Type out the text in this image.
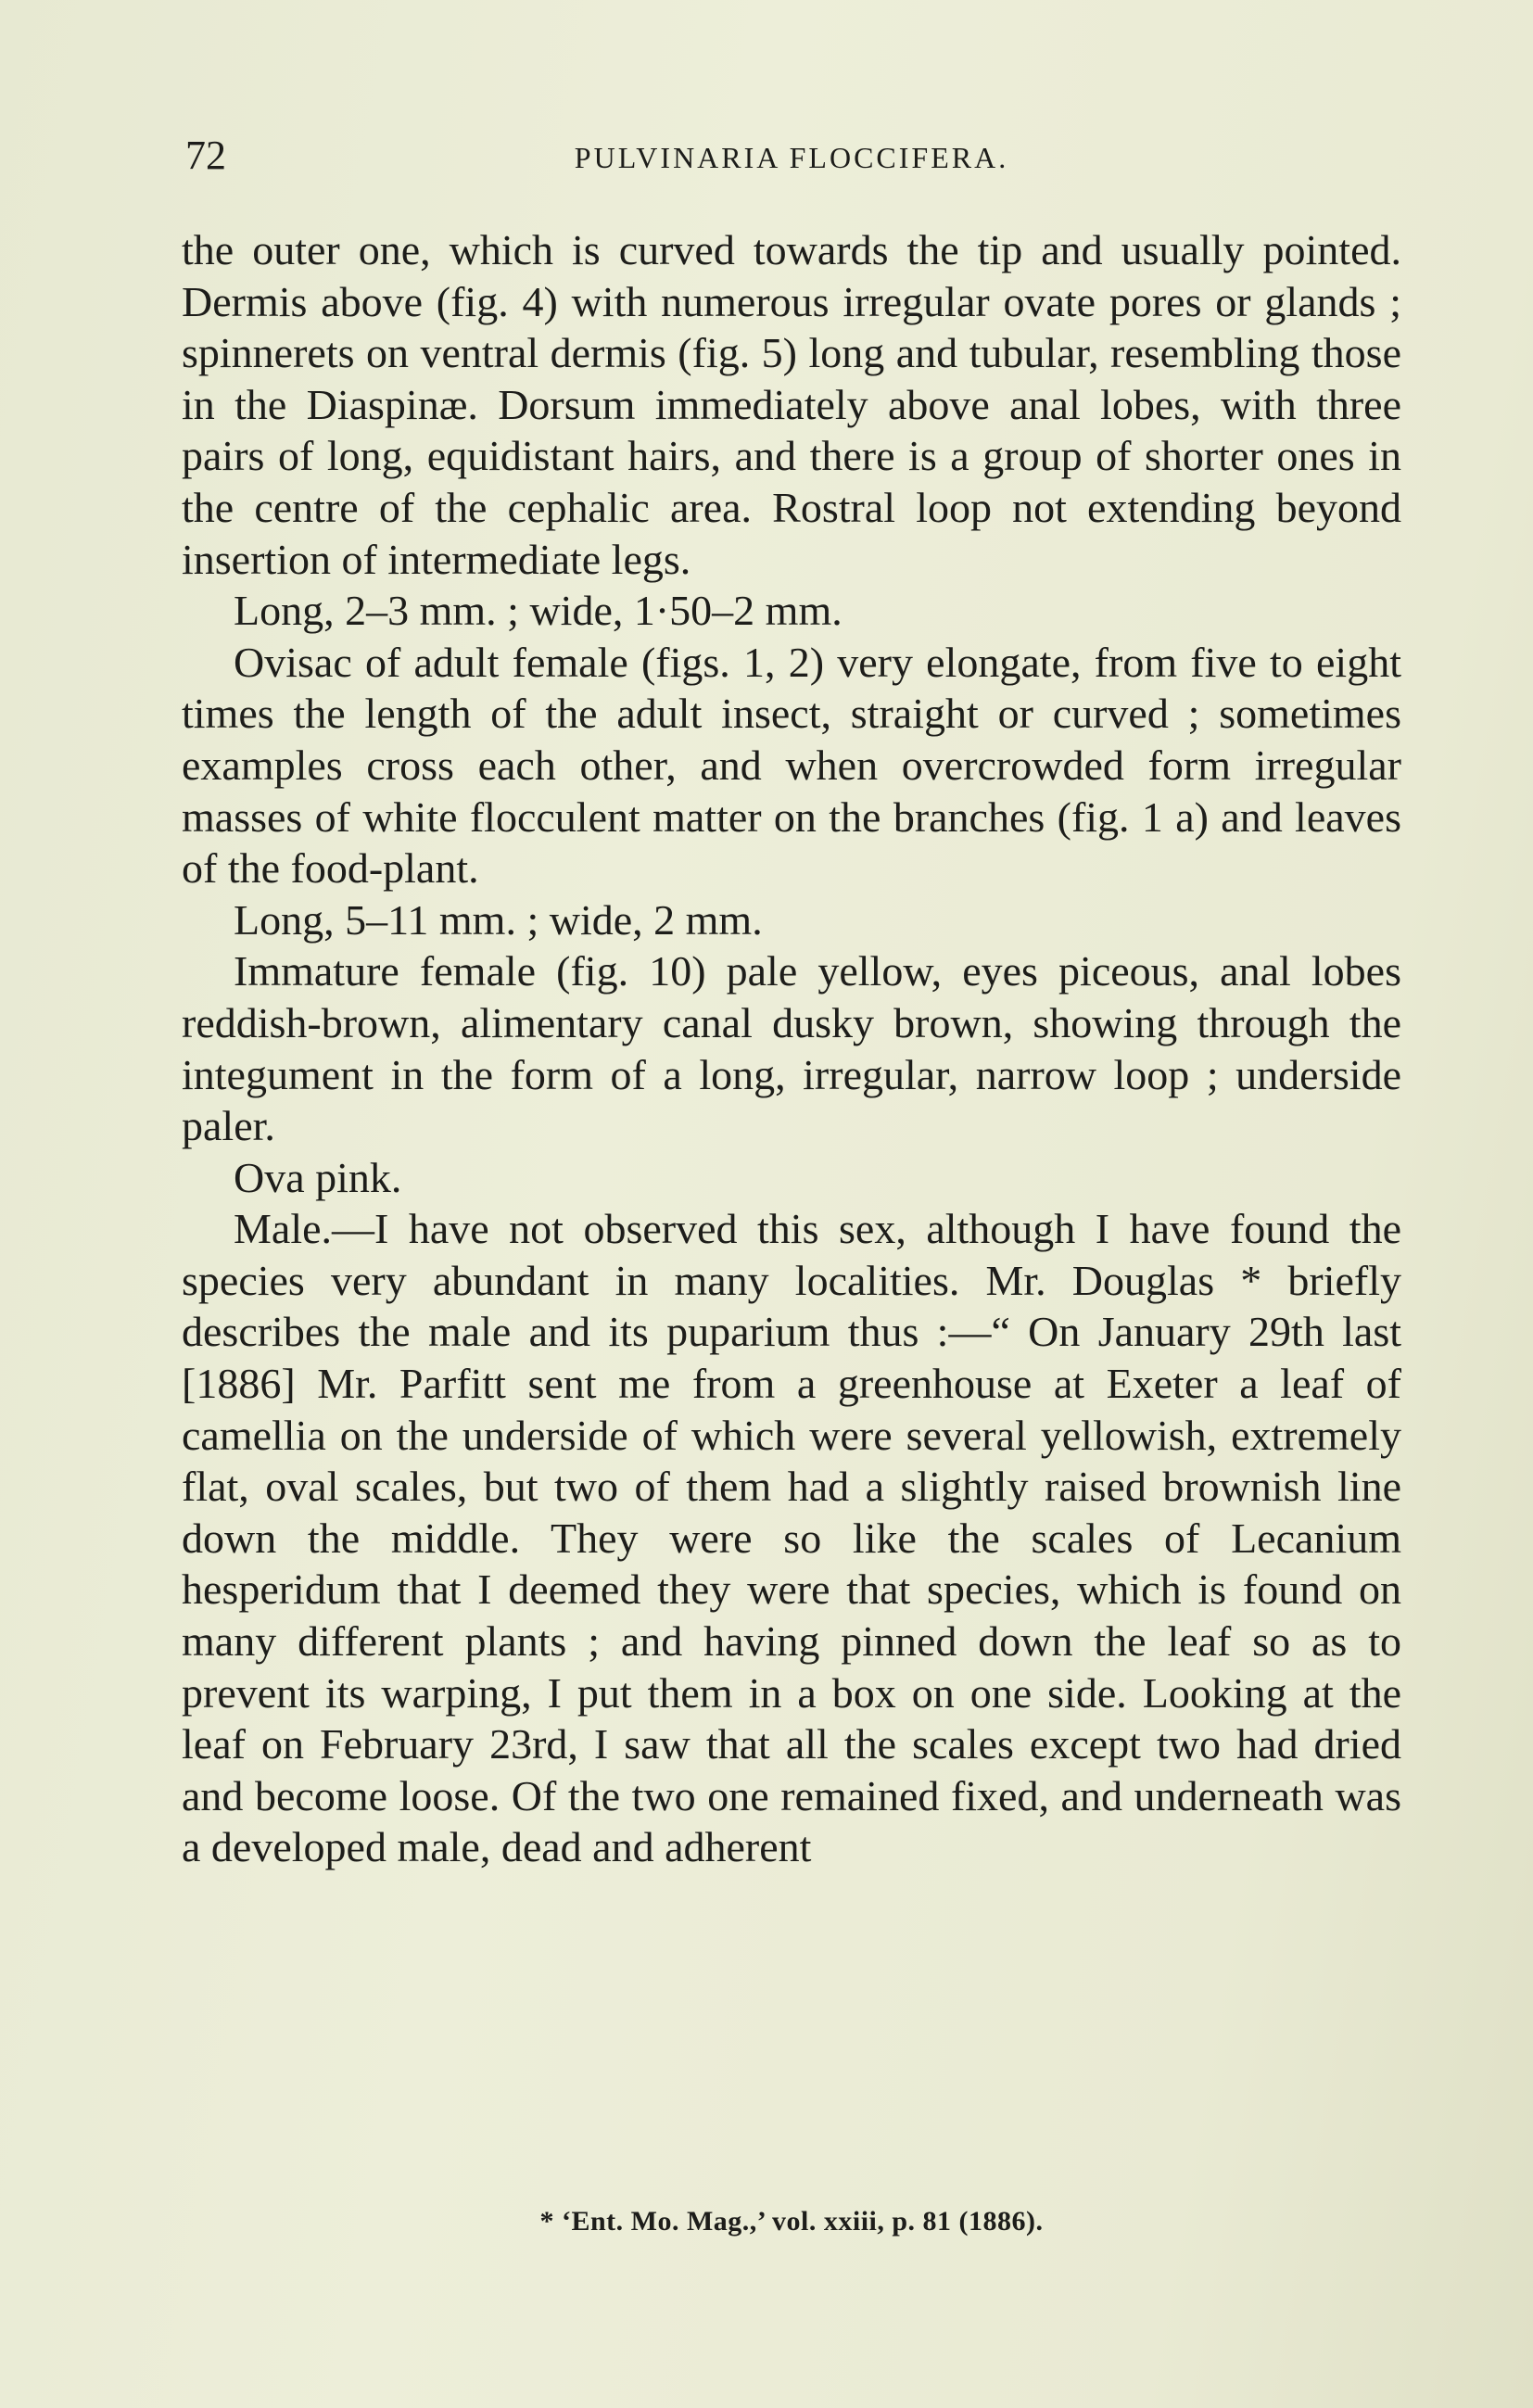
72	PULVINARIA FLOCCIFERA.

the outer one, which is curved towards the tip and usually pointed. Dermis above (fig. 4) with numerous irregular ovate pores or glands ; spinnerets on ventral dermis (fig. 5) long and tubular, resembling those in the Diaspinæ. Dorsum immediately above anal lobes, with three pairs of long, equidistant hairs, and there is a group of shorter ones in the centre of the cephalic area. Rostral loop not extending beyond insertion of intermediate legs.

Long, 2–3 mm. ; wide, 1·50–2 mm.

Ovisac of adult female (figs. 1, 2) very elongate, from five to eight times the length of the adult insect, straight or curved ; sometimes examples cross each other, and when overcrowded form irregular masses of white flocculent matter on the branches (fig. 1 a) and leaves of the food-plant.

Long, 5–11 mm. ; wide, 2 mm.

Immature female (fig. 10) pale yellow, eyes piceous, anal lobes reddish-brown, alimentary canal dusky brown, showing through the integument in the form of a long, irregular, narrow loop ; underside paler.

Ova pink.

Male.—I have not observed this sex, although I have found the species very abundant in many localities. Mr. Douglas * briefly describes the male and its puparium thus :—“ On January 29th last [1886] Mr. Parfitt sent me from a greenhouse at Exeter a leaf of camellia on the underside of which were several yellowish, extremely flat, oval scales, but two of them had a slightly raised brownish line down the middle. They were so like the scales of Lecanium hesperidum that I deemed they were that species, which is found on many different plants ; and having pinned down the leaf so as to prevent its warping, I put them in a box on one side. Looking at the leaf on February 23rd, I saw that all the scales except two had dried and become loose. Of the two one remained fixed, and underneath was a developed male, dead and adherent

* ‘Ent. Mo. Mag.,’ vol. xxiii, p. 81 (1886).
